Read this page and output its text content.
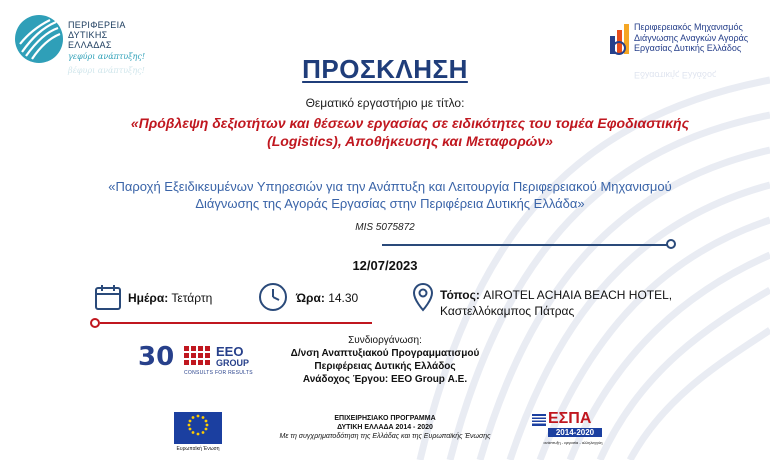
ΠΕΡΙΦΕΡΕΙΑ
ΔΥΤΙΚΗΣ
ΕΛΛΑΔΑΣ
γεφύρι ανάπτυξης!
βέφυρι ανάπτυξης!
Περιφερειακός Μηχανισμός
Διάγνωσης Αναγκών Αγοράς
Εργασίας Δυτικής Ελλάδος
Εδλαστικής Ελλάδος
ΠΡΟΣΚΛΗΣΗ
Θεματικό εργαστήριο με τίτλο:
«Πρόβλεψη δεξιοτήτων και θέσεων εργασίας σε ειδικότητες του τομέα Εφοδιαστικής (Logistics), Αποθήκευσης και Μεταφορών»
«Παροχή Εξειδικευμένων Υπηρεσιών για την Ανάπτυξη και Λειτουργία Περιφερειακού Μηχανισμού Διάγνωσης της Αγοράς Εργασίας στην Περιφέρεια Δυτικής Ελλάδα»
MIS 5075872
12/07/2023
Ημέρα: Τετάρτη	Ώρα: 14.30	Τόπος: AIROTEL ACHAIA BEACH HOTEL,
Καστελλόκαμπος Πάτρας
Συνδιοργάνωση:
Δ/νση Αναπτυξιακού Προγραμματισμού
Περιφέρειας Δυτικής Ελλάδος
Ανάδοχος Έργου: EEO Group Α.Ε.
30	EEO
GROUP
CONSULTS FOR RESULTS
Ευρωπαϊκή Ένωση
ΕΠΙΧΕΙΡΗΣΙΑΚΟ ΠΡΟΓΡΑΜΜΑ
ΔΥΤΙΚΗ ΕΛΛΑΔΑ 2014 - 2020
Με τη συγχρηματοδότηση της Ελλάδας και της Ευρωπαϊκής Ένωσης
ΕΣΠΑ
2014-2020
ανάπτυξη - εργασία - αλληλεγγύη
